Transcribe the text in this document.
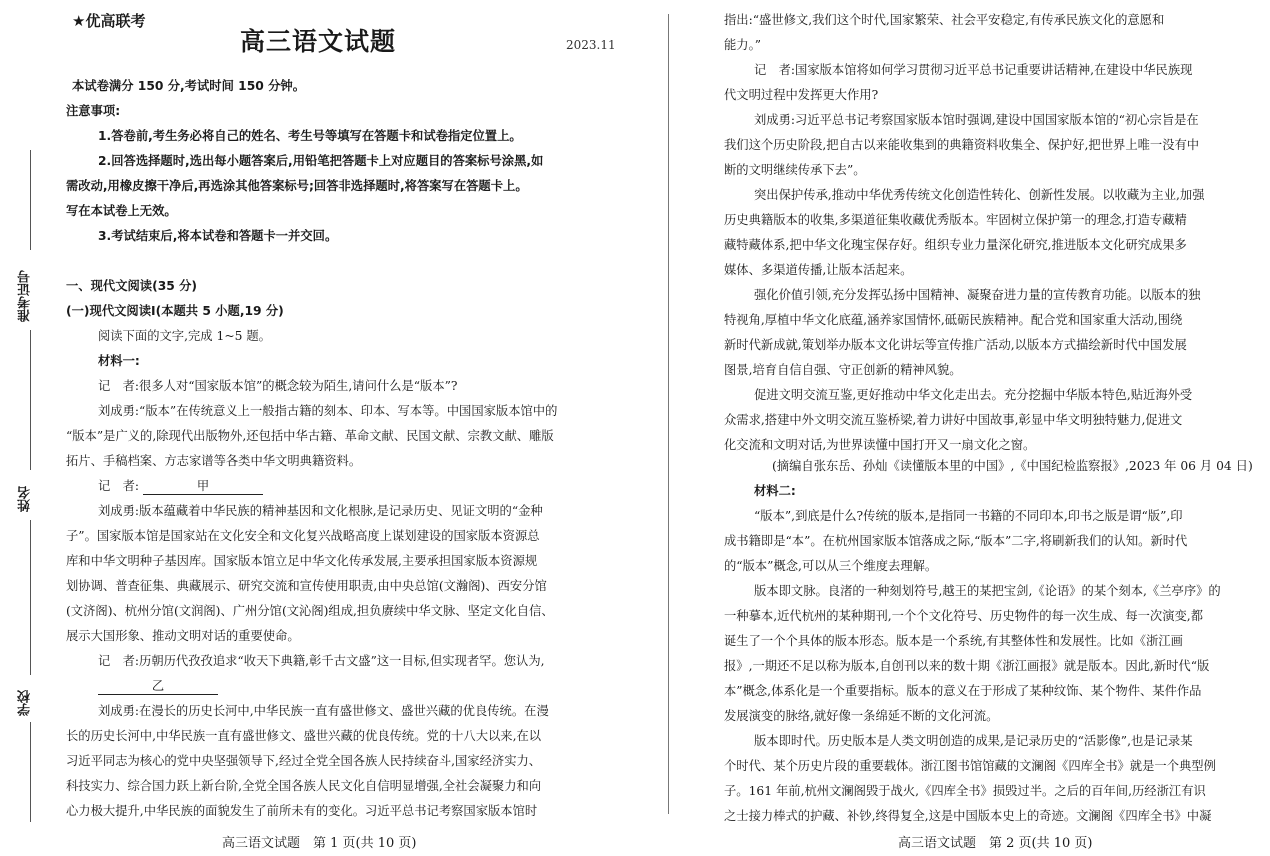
准考证号
姓名
学校
★优高联考
高三语文试题	2023.11
本试卷满分 150 分,考试时间 150 分钟。
注意事项:
1.答卷前,考生务必将自己的姓名、考生号等填写在答题卡和试卷指定位置上。
2.回答选择题时,选出每小题答案后,用铅笔把答题卡上对应题目的答案标号涂黑,如
需改动,用橡皮擦干净后,再选涂其他答案标号;回答非选择题时,将答案写在答题卡上。
写在本试卷上无效。
3.考试结束后,将本试卷和答题卡一并交回。
一、现代文阅读(35 分)
(一)现代文阅读Ⅰ(本题共 5 小题,19 分)
阅读下面的文字,完成 1~5 题。
材料一:
记　者:很多人对“国家版本馆”的概念较为陌生,请问什么是“版本”?
刘成勇:“版本”在传统意义上一般指古籍的刻本、印本、写本等。中国国家版本馆中的
“版本”是广义的,除现代出版物外,还包括中华古籍、革命文献、民国文献、宗教文献、雕版
拓片、手稿档案、方志家谱等各类中华文明典籍资料。
记　者:	甲
刘成勇:版本蕴藏着中华民族的精神基因和文化根脉,是记录历史、见证文明的“金种
子”。国家版本馆是国家站在文化安全和文化复兴战略高度上谋划建设的国家版本资源总
库和中华文明种子基因库。国家版本馆立足中华文化传承发展,主要承担国家版本资源规
划协调、普查征集、典藏展示、研究交流和宣传使用职责,由中央总馆(文瀚阁)、西安分馆
(文济阁)、杭州分馆(文润阁)、广州分馆(文沁阁)组成,担负赓续中华文脉、坚定文化自信、
展示大国形象、推动文明对话的重要使命。
记　者:历朝历代孜孜追求“收天下典籍,彰千古文盛”这一目标,但实现者罕。您认为,
乙
刘成勇:在漫长的历史长河中,中华民族一直有盛世修文、盛世兴藏的优良传统。在漫
长的历史长河中,中华民族一直有盛世修文、盛世兴藏的优良传统。党的十八大以来,在以
习近平同志为核心的党中央坚强领导下,经过全党全国各族人民持续奋斗,国家经济实力、
科技实力、综合国力跃上新台阶,全党全国各族人民文化自信明显增强,全社会凝聚力和向
心力极大提升,中华民族的面貌发生了前所未有的变化。习近平总书记考察国家版本馆时
指出:“盛世修文,我们这个时代,国家繁荣、社会平安稳定,有传承民族文化的意愿和
能力。”
记　者:国家版本馆将如何学习贯彻习近平总书记重要讲话精神,在建设中华民族现
代文明过程中发挥更大作用?
刘成勇:习近平总书记考察国家版本馆时强调,建设中国国家版本馆的“初心宗旨是在
我们这个历史阶段,把自古以来能收集到的典籍资料收集全、保护好,把世界上唯一没有中
断的文明继续传承下去”。
突出保护传承,推动中华优秀传统文化创造性转化、创新性发展。以收藏为主业,加强
历史典籍版本的收集,多渠道征集收藏优秀版本。牢固树立保护第一的理念,打造专藏精
藏特藏体系,把中华文化瑰宝保存好。组织专业力量深化研究,推进版本文化研究成果多
媒体、多渠道传播,让版本活起来。
强化价值引领,充分发挥弘扬中国精神、凝聚奋进力量的宣传教育功能。以版本的独
特视角,厚植中华文化底蕴,涵养家国情怀,砥砺民族精神。配合党和国家重大活动,围绕
新时代新成就,策划举办版本文化讲坛等宣传推广活动,以版本方式描绘新时代中国发展
图景,培育自信自强、守正创新的精神风貌。
促进文明交流互鉴,更好推动中华文化走出去。充分挖掘中华版本特色,贴近海外受
众需求,搭建中外文明交流互鉴桥梁,着力讲好中国故事,彰显中华文明独特魅力,促进文
化交流和文明对话,为世界读懂中国打开又一扇文化之窗。
(摘编自张东岳、孙灿《读懂版本里的中国》,《中国纪检监察报》,2023 年 06 月 04 日)
材料二:
“版本”,到底是什么?传统的版本,是指同一书籍的不同印本,印书之版是谓“版”,印
成书籍即是“本”。在杭州国家版本馆落成之际,“版本”二字,将刷新我们的认知。新时代
的“版本”概念,可以从三个维度去理解。
版本即文脉。良渚的一种刻划符号,越王的某把宝剑,《论语》的某个刻本,《兰亭序》的
一种摹本,近代杭州的某种期刊,一个个文化符号、历史物件的每一次生成、每一次演变,都
诞生了一个个具体的版本形态。版本是一个系统,有其整体性和发展性。比如《浙江画
报》,一期还不足以称为版本,自创刊以来的数十期《浙江画报》就是版本。因此,新时代“版
本”概念,体系化是一个重要指标。版本的意义在于形成了某种纹饰、某个物件、某件作品
发展演变的脉络,就好像一条绵延不断的文化河流。
版本即时代。历史版本是人类文明创造的成果,是记录历史的“活影像”,也是记录某
个时代、某个历史片段的重要载体。浙江图书馆馆藏的文澜阁《四库全书》就是一个典型例
子。161 年前,杭州文澜阁毁于战火,《四库全书》损毁过半。之后的百年间,历经浙江有识
之士接力棒式的护藏、补钞,终得复全,这是中国版本史上的奇迹。文澜阁《四库全书》中凝
高三语文试题　第 1 页(共 10 页)	高三语文试题　第 2 页(共 10 页)
